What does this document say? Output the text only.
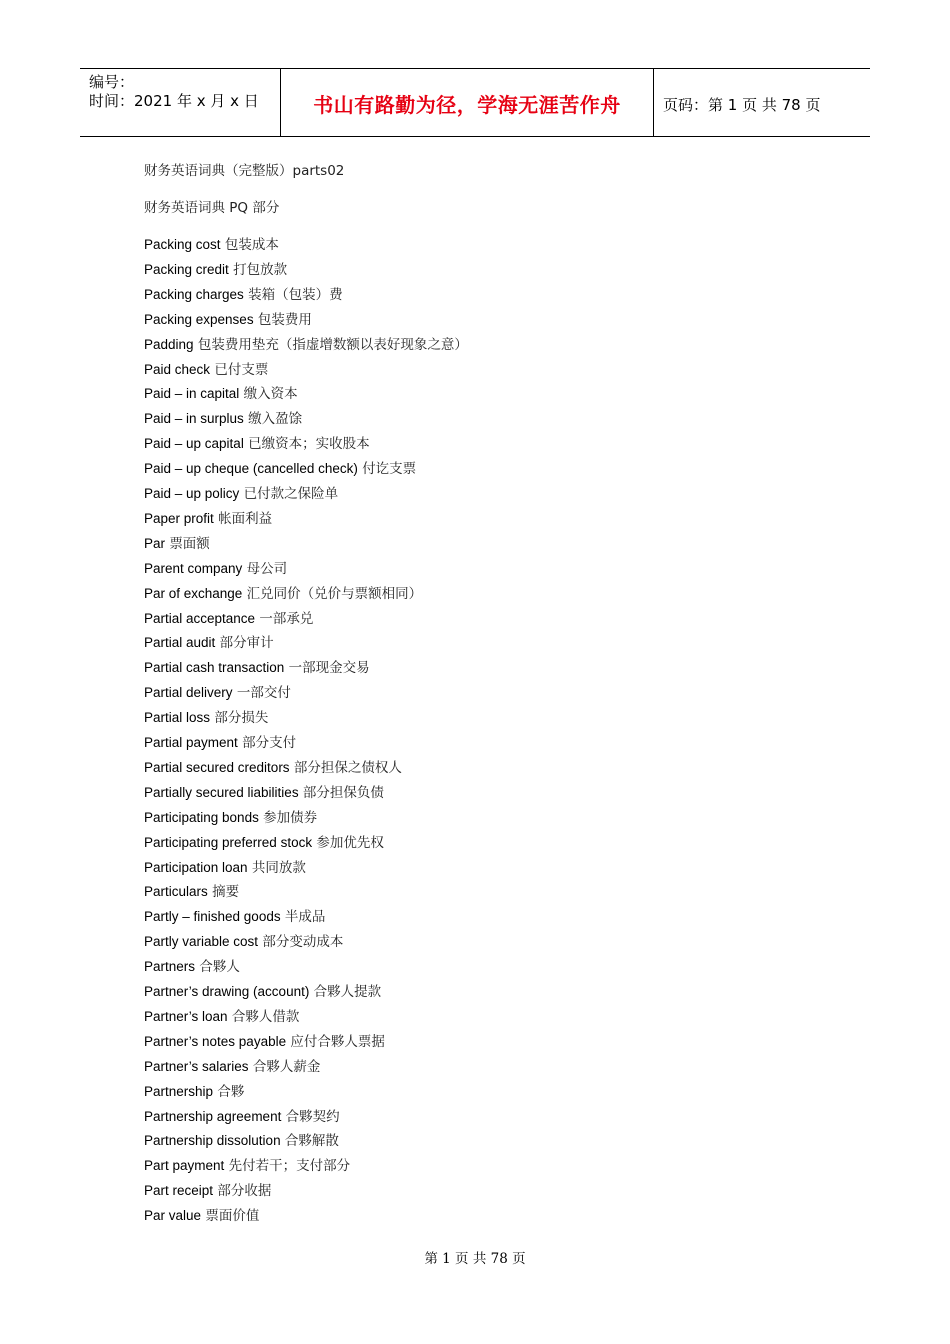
编号：
时间：2021 年 x 月 x 日	书山有路勤为径，学海无涯苦作舟	页码：第 1 页 共 78 页
财务英语词典（完整版）parts02
财务英语词典 PQ 部分
Packing cost 包装成本
Packing credit 打包放款
Packing charges 装箱（包装）费
Packing expenses 包装费用
Padding 包装费用垫充（指虚增数额以表好现象之意）
Paid check 已付支票
Paid – in capital 缴入资本
Paid – in surplus 缴入盈馀
Paid – up capital 已缴资本；实收股本
Paid – up cheque (cancelled check) 付讫支票
Paid – up policy 已付款之保险单
Paper profit 帐面利益
Par 票面额
Parent company 母公司
Par of exchange 汇兑同价（兑价与票额相同）
Partial acceptance 一部承兑
Partial audit 部分审计
Partial cash transaction 一部现金交易
Partial delivery 一部交付
Partial loss 部分损失
Partial payment 部分支付
Partial secured creditors 部分担保之债权人
Partially secured liabilities 部分担保负债
Participating bonds 参加债券
Participating preferred stock 参加优先权
Participation loan 共同放款
Particulars 摘要
Partly – finished goods 半成品
Partly variable cost 部分变动成本
Partners 合夥人
Partner’s drawing (account) 合夥人提款
Partner’s loan 合夥人借款
Partner’s notes payable 应付合夥人票据
Partner’s salaries 合夥人薪金
Partnership 合夥
Partnership agreement 合夥契约
Partnership dissolution 合夥解散
Part payment 先付若干；支付部分
Part receipt 部分收据
Par value 票面价值
第 1 页 共 78 页
